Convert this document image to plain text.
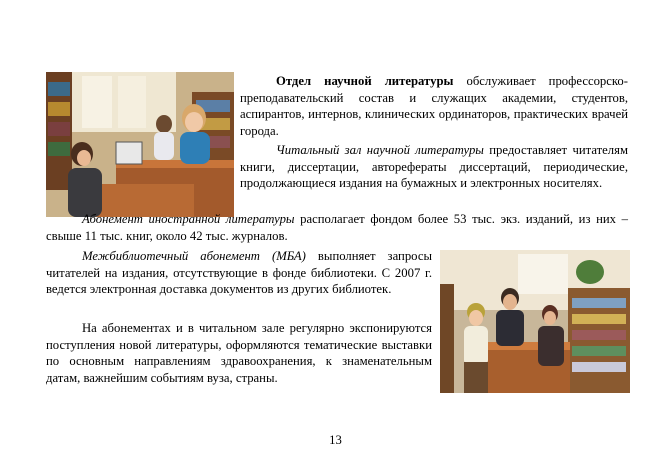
Отдел научной литературы обслуживает профессорско-преподавательский состав и служащих академии, студентов, аспирантов, интернов, клинических ординаторов, практических врачей города.

Читальный зал научной литературы предоставляет читателям книги, диссертации, авторефераты диссертаций, периодические, продолжающиеся издания на бумажных и электронных носителях.

Абонемент иностранной литературы располагает фондом более 53 тыс. экз. изданий, из них – свыше 11 тыс. книг, около 42 тыс. журналов.

Межбиблиотечный абонемент (МБА) выполняет запросы читателей на издания, отсутствующие в фонде библиотеки. С 2007 г. ведется электронная доставка документов из других библиотек.

На абонементах и в читальном зале регулярно экспонируются поступления новой литературы, оформляются тематические выставки по основным направлениям здравоохранения, к знаменательным датам, важнейшим событиям вуза, страны.

13
